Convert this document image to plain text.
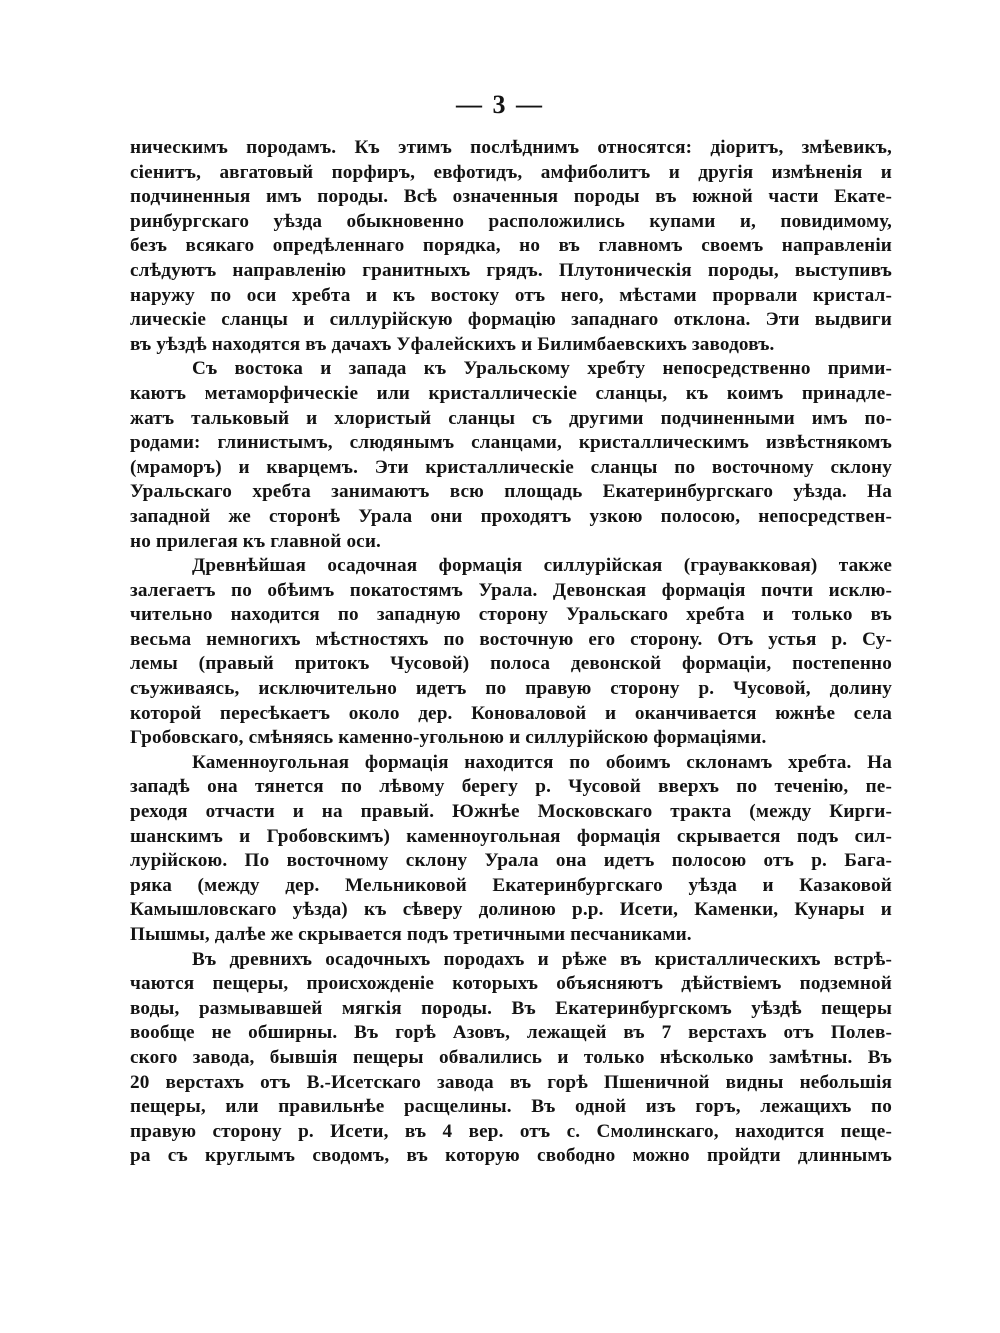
— 3 —
ническимъ породамъ. Къ этимъ послѣднимъ относятся: діоритъ, змѣевикъ,
сіенитъ, авгатовый порфиръ, евфотидъ, амфиболитъ и другія измѣненія и
подчиненныя имъ породы. Всѣ означенныя породы въ южной части Екате-
ринбургскаго уѣзда обыкновенно расположились купами и, повидимому,
безъ всякаго опредѣленнаго порядка, но въ главномъ своемъ направленіи
слѣдуютъ направленію гранитныхъ грядъ. Плутоническія породы, выступивъ
наружу по оси хребта и къ востоку отъ него, мѣстами прорвали кристал-
лическіе сланцы и силлурійскую формацію западнаго отклона. Эти выдвиги
въ уѣздѣ находятся въ дачахъ Уфалейскихъ и Билимбаевскихъ заводовъ.
Съ востока и запада къ Уральскому хребту непосредственно прими-
каютъ метаморфическіе или кристаллическіе сланцы, къ коимъ принадле-
жатъ тальковый и хлористый сланцы съ другими подчиненными имъ по-
родами: глинистымъ, слюдянымъ сланцами, кристаллическимъ извѣстнякомъ
(мраморъ) и кварцемъ. Эти кристаллическіе сланцы по восточному склону
Уральскаго хребта занимаютъ всю площадь Екатеринбургскаго уѣзда. На
западной же сторонѣ Урала они проходятъ узкою полосою, непосредствен-
но прилегая къ главной оси.
Древнѣйшая осадочная формація силлурійская (граувакковая) также
залегаетъ по обѣимъ покатостямъ Урала. Девонская формація почти исклю-
чительно находится по западную сторону Уральскаго хребта и только въ
весьма немногихъ мѣстностяхъ по восточную его сторону. Отъ устья р. Су-
лемы (правый притокъ Чусовой) полоса девонской формаціи, постепенно
съуживаясь, исключительно идетъ по правую сторону р. Чусовой, долину
которой пересѣкаетъ около дер. Коноваловой и оканчивается южнѣе села
Гробовскаго, смѣняясь каменно-угольною и силлурійскою формаціями.
Каменноугольная формація находится по обоимъ склонамъ хребта. На
западѣ она тянется по лѣвому берегу р. Чусовой вверхъ по теченію, пе-
реходя отчасти и на правый. Южнѣе Московскаго тракта (между Кирги-
шанскимъ и Гробовскимъ) каменноугольная формація скрывается подъ сил-
лурійскою. По восточному склону Урала она идетъ полосою отъ р. Багa-
ряка (между дер. Мельниковой Екатеринбургскаго уѣзда и Казаковой
Камышловскаго уѣзда) къ сѣверу долиною р.р. Исети, Каменки, Кунары и
Пышмы, далѣе же скрывается подъ третичными песчаниками.
Въ древнихъ осадочныхъ породахъ и рѣже въ кристаллическихъ встрѣ-
чаются пещеры, происхожденіе которыхъ объясняютъ дѣйствіемъ подземной
воды, размывавшей мягкія породы. Въ Екатеринбургскомъ уѣздѣ пещеры
вообще не обширны. Въ горѣ Азовъ, лежащей въ 7 верстахъ отъ Полев-
ского завода, бывшія пещеры обвалились и только нѣсколько замѣтны. Въ
20 верстахъ отъ В.-Исетскаго завода въ горѣ Пшеничной видны небольшія
пещеры, или правильнѣе расщелины. Въ одной изъ горъ, лежащихъ по
правую сторону р. Исети, въ 4 вер. отъ с. Смолинскаго, находится пеще-
ра съ круглымъ сводомъ, въ которую свободно можно пройдти длиннымъ
